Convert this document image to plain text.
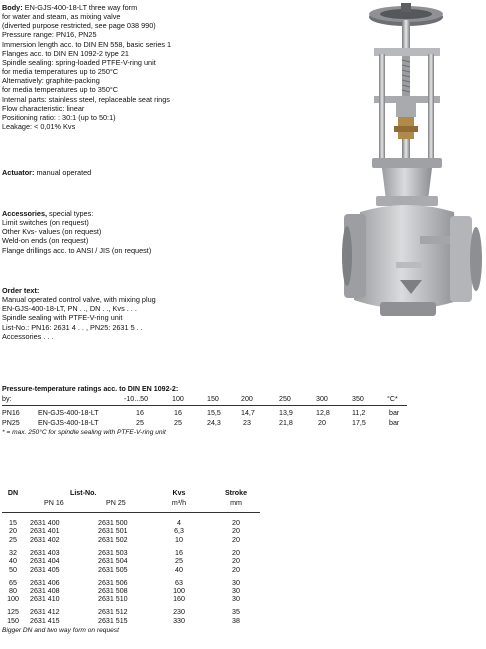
Body: EN-GJS-400-18-LT three way form
for water and steam, as mixing valve
(diverted purpose restricted, see page 038 990)
Pressure range: PN16, PN25
Immersion length acc. to DIN EN 558, basic series 1
Flanges acc. to DIN EN 1092-2 type 21
Spindle sealing: spring-loaded PTFE-V-ring unit
for media temperatures up to 250°C
Alternatively: graphite-packing
for media temperatures up to 350°C
Internal parts: stainless steel, replaceable seat rings
Flow characteristic: linear
Positioning ratio: : 30:1 (up to 50:1)
Leakage: < 0,01% Kvs
Actuator: manual operated
Accessories, special types:
Limit switches (on request)
Other Kvs- values (on request)
Weld-on ends (on request)
Flange drillings acc. to ANSI / JIS (on request)
Order text:
Manual operated control valve, with mixing plug
EN-GJS-400-18-LT, PN . ., DN . ., Kvs . . .
Spindle sealing with PTFE-V-ring unit
List-No.: PN16: 2631 4 . . , PN25: 2631 5 . .
Accessories . . .
Pressure-temperature ratings acc. to DIN EN 1092-2:
by:	-10...50	100	150	200	250	300	350	°C*
PN16	EN-GJS-400-18-LT	16	16	15,5	14,7	13,9	12,8	11,2	bar
PN25	EN-GJS-400-18-LT	25	25	24,3	23	21,8	20	17,5	bar
* = max. 250°C for spindle sealing with PTFE-V-ring unit
DN	List-No.	Kvs	Stroke
PN 16	PN 25	m³/h	mm
15	2631 400	2631 500	4	20
20	2631 401	2631 501	6,3	20
25	2631 402	2631 502	10	20
32	2631 403	2631 503	16	20
40	2631 404	2631 504	25	20
50	2631 405	2631 505	40	20
65	2631 406	2631 506	63	30
80	2631 408	2631 508	100	30
100	2631 410	2631 510	160	30
125	2631 412	2631 512	230	35
150	2631 415	2631 515	330	38
Bigger DN and two way form on request
